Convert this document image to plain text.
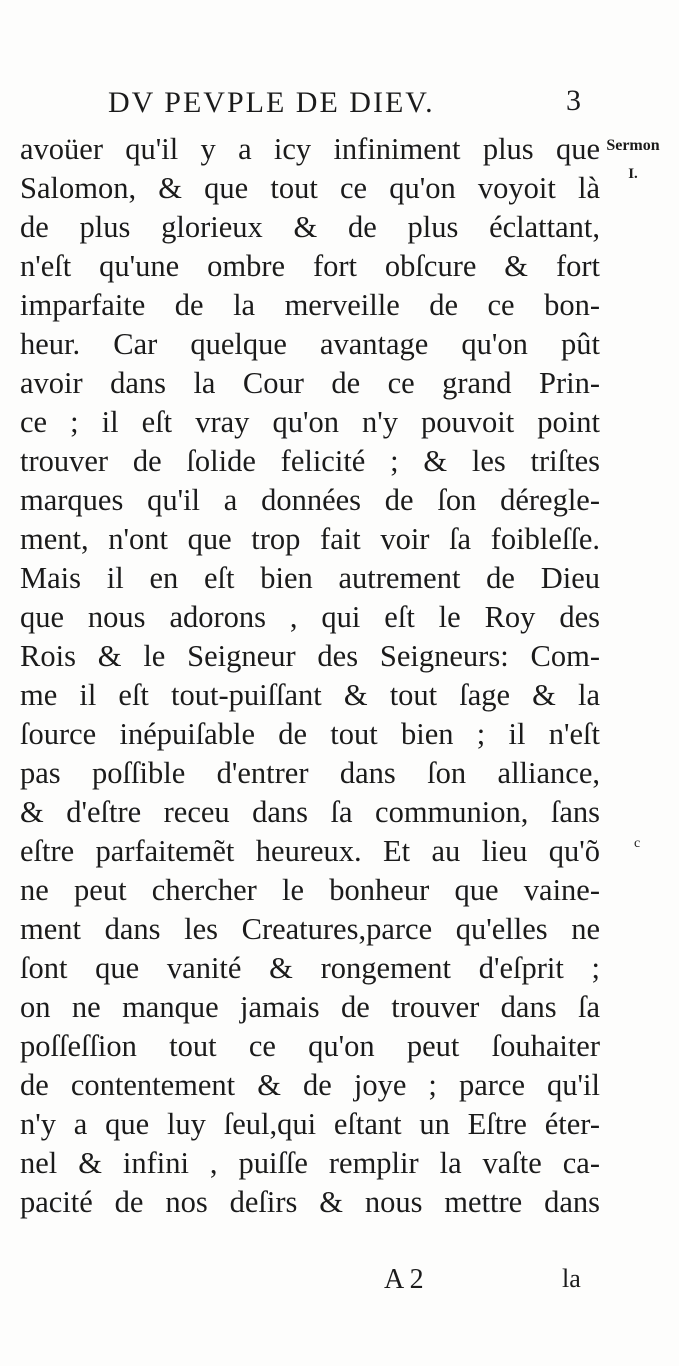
DV PEVPLE DE DIEV.	3
Sermon
I.
c
avoüer qu'il y a icy infiniment plus que
Salomon, & que tout ce qu'on voyoit là
de plus glorieux & de plus éclattant,
n'eſt qu'une ombre fort obſcure & fort
imparfaite de la merveille de ce bon-
heur. Car quelque avantage qu'on pût
avoir dans la Cour de ce grand Prin-
ce ; il eſt vray qu'on n'y pouvoit point
trouver de ſolide felicité ; & les triſtes
marques qu'il a données de ſon déregle-
ment, n'ont que trop fait voir ſa foibleſſe.
Mais il en eſt bien autrement de Dieu
que nous adorons , qui eſt le Roy des
Rois & le Seigneur des Seigneurs: Com-
me il eſt tout-puiſſant & tout ſage & la
ſource inépuiſable de tout bien ; il n'eſt
pas poſſible d'entrer dans ſon alliance,
& d'eſtre receu dans ſa communion, ſans
eſtre parfaitemẽt heureux. Et au lieu qu'õ
ne peut chercher le bonheur que vaine-
ment dans les Creatures,parce qu'elles ne
ſont que vanité & rongement d'eſprit ;
on ne manque jamais de trouver dans ſa
poſſeſſion tout ce qu'on peut ſouhaiter
de contentement & de joye ; parce qu'il
n'y a que luy ſeul,qui eſtant un Eſtre éter-
nel & infini , puiſſe remplir la vaſte ca-
pacité de nos deſirs & nous mettre dans
A 2	la
